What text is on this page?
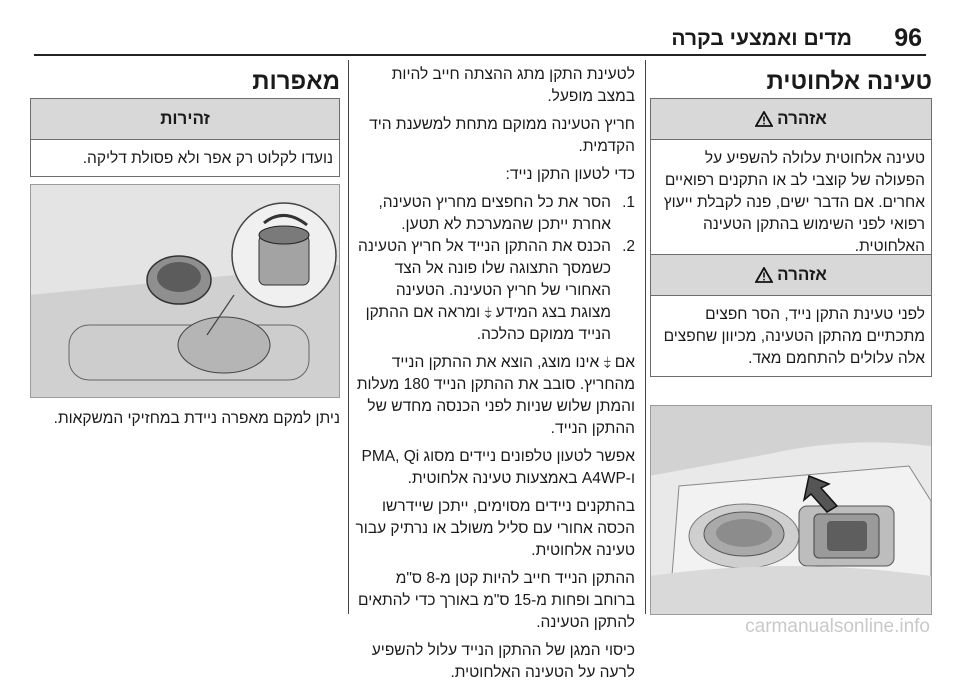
96
מדים ואמצעי בקרה
טעינה אלחוטית
אזהרה
טעינה אלחוטית עלולה להשפיע על הפעולה של קוצבי לב או התקנים רפואיים אחרים. אם הדבר ישים, פנה לקבלת ייעוץ רפואי לפני השימוש בהתקן הטעינה האלחוטית.
אזהרה
לפני טעינת התקן נייד, הסר חפצים מתכתיים מהתקן הטעינה, מכיוון שחפצים אלה עלולים להתחמם מאד.

לטעינת התקן מתג ההצתה חייב להיות במצב מופעל.

חריץ הטעינה ממוקם מתחת למשענת היד הקדמית.

כדי לטעון התקן נייד:

1.
הסר את כל החפצים מחריץ הטעינה, אחרת ייתכן שהמערכת לא תטען.
2.
הכנס את ההתקן הנייד אל חריץ הטעינה כשמסך התצוגה שלו פונה אל הצד האחורי של חריץ הטעינה. הטעינה מצוגת בצג המידע ⤈ ומראה אם ההתקן הנייד ממוקם כהלכה.

אם ⤈ אינו מוצג, הוצא את ההתקן הנייד מהחריץ. סובב את ההתקן הנייד 180 מעלות והמתן שלוש שניות לפני הכנסה מחדש של ההתקן הנייד.

אפשר לטעון טלפונים ניידים מסוג PMA, Qi ו-A4WP באמצעות טעינה אלחוטית.

בהתקנים ניידים מסוימים, ייתכן שיידרשו הכסה אחורי עם סליל משולב או נרתיק עבור טעינה אלחוטית.

ההתקן הנייד חייב להיות קטן מ-8 ס"מ ברוחב ופחות מ-15 ס"מ באורך כדי להתאים להתקן הטעינה.

כיסוי המגן של ההתקן הנייד עלול להשפיע לרעה על הטעינה האלחוטית.

מאפרות
זהירות
נועדו לקלוט רק אפר ולא פסולת דליקה.
ניתן למקם מאפרה ניידת במחזיקי המשקאות.
carmanualsonline.info
